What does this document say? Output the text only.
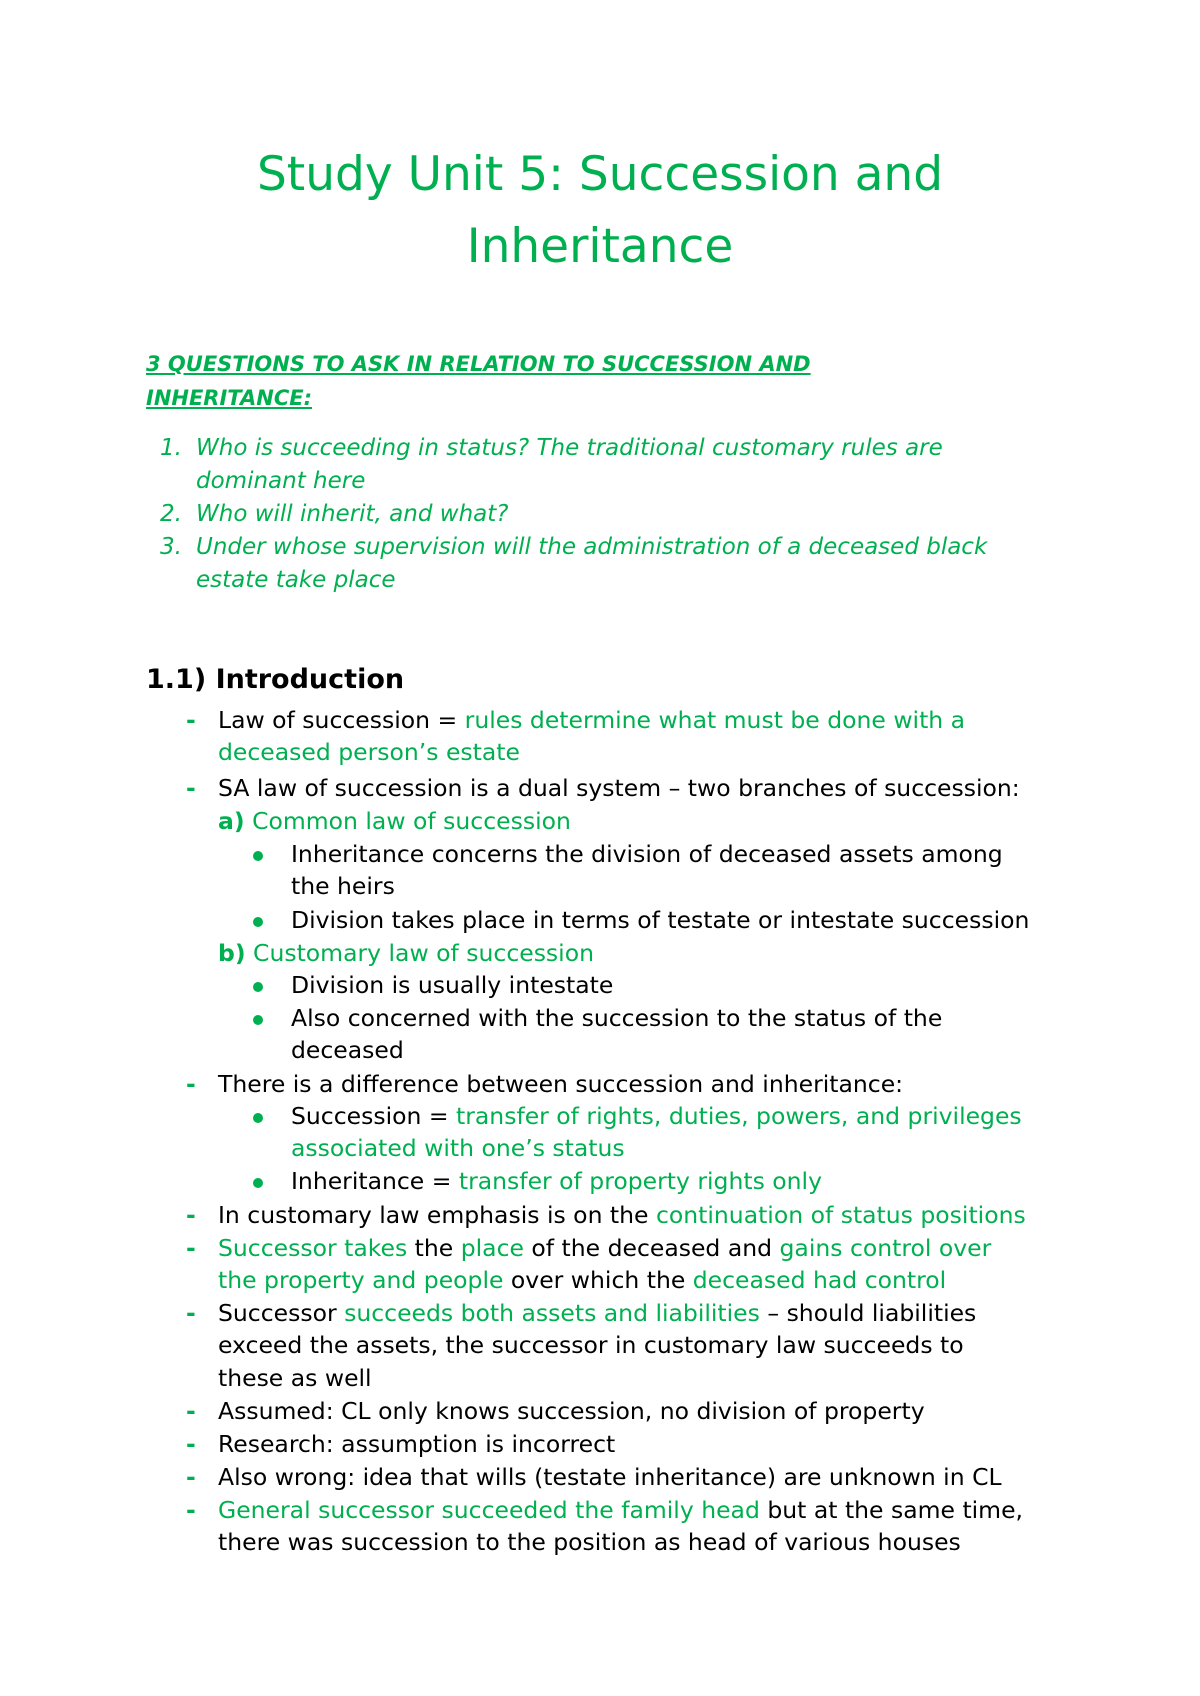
Study Unit 5: Succession and
Inheritance
3 QUESTIONS TO ASK IN RELATION TO SUCCESSION AND
INHERITANCE:
1. Who is succeeding in status? The traditional customary rules are
dominant here
2. Who will inherit, and what?
3. Under whose supervision will the administration of a deceased black
estate take place
1.1) Introduction
-
-
-
-
-
-
-
-
-
-
Law of succession = rules determine what must be done with a
deceased person’s estate
SA law of succession is a dual system – two branches of succession:
a) Common law of succession
Inheritance concerns the division of deceased assets among
the heirs
Division takes place in terms of testate or intestate succession
b) Customary law of succession
Division is usually intestate
Also concerned with the succession to the status of the
deceased
There is a difference between succession and inheritance:
Succession = transfer of rights, duties, powers, and privileges
associated with one’s status
Inheritance = transfer of property rights only
In customary law emphasis is on the continuation of status positions
Successor takes the place of the deceased and gains control over
the property and people over which the deceased had control
Successor succeeds both assets and liabilities – should liabilities
exceed the assets, the successor in customary law succeeds to
these as well
Assumed: CL only knows succession, no division of property
Research: assumption is incorrect
Also wrong: idea that wills (testate inheritance) are unknown in CL
General successor succeeded the family head but at the same time,
there was succession to the position as head of various houses
